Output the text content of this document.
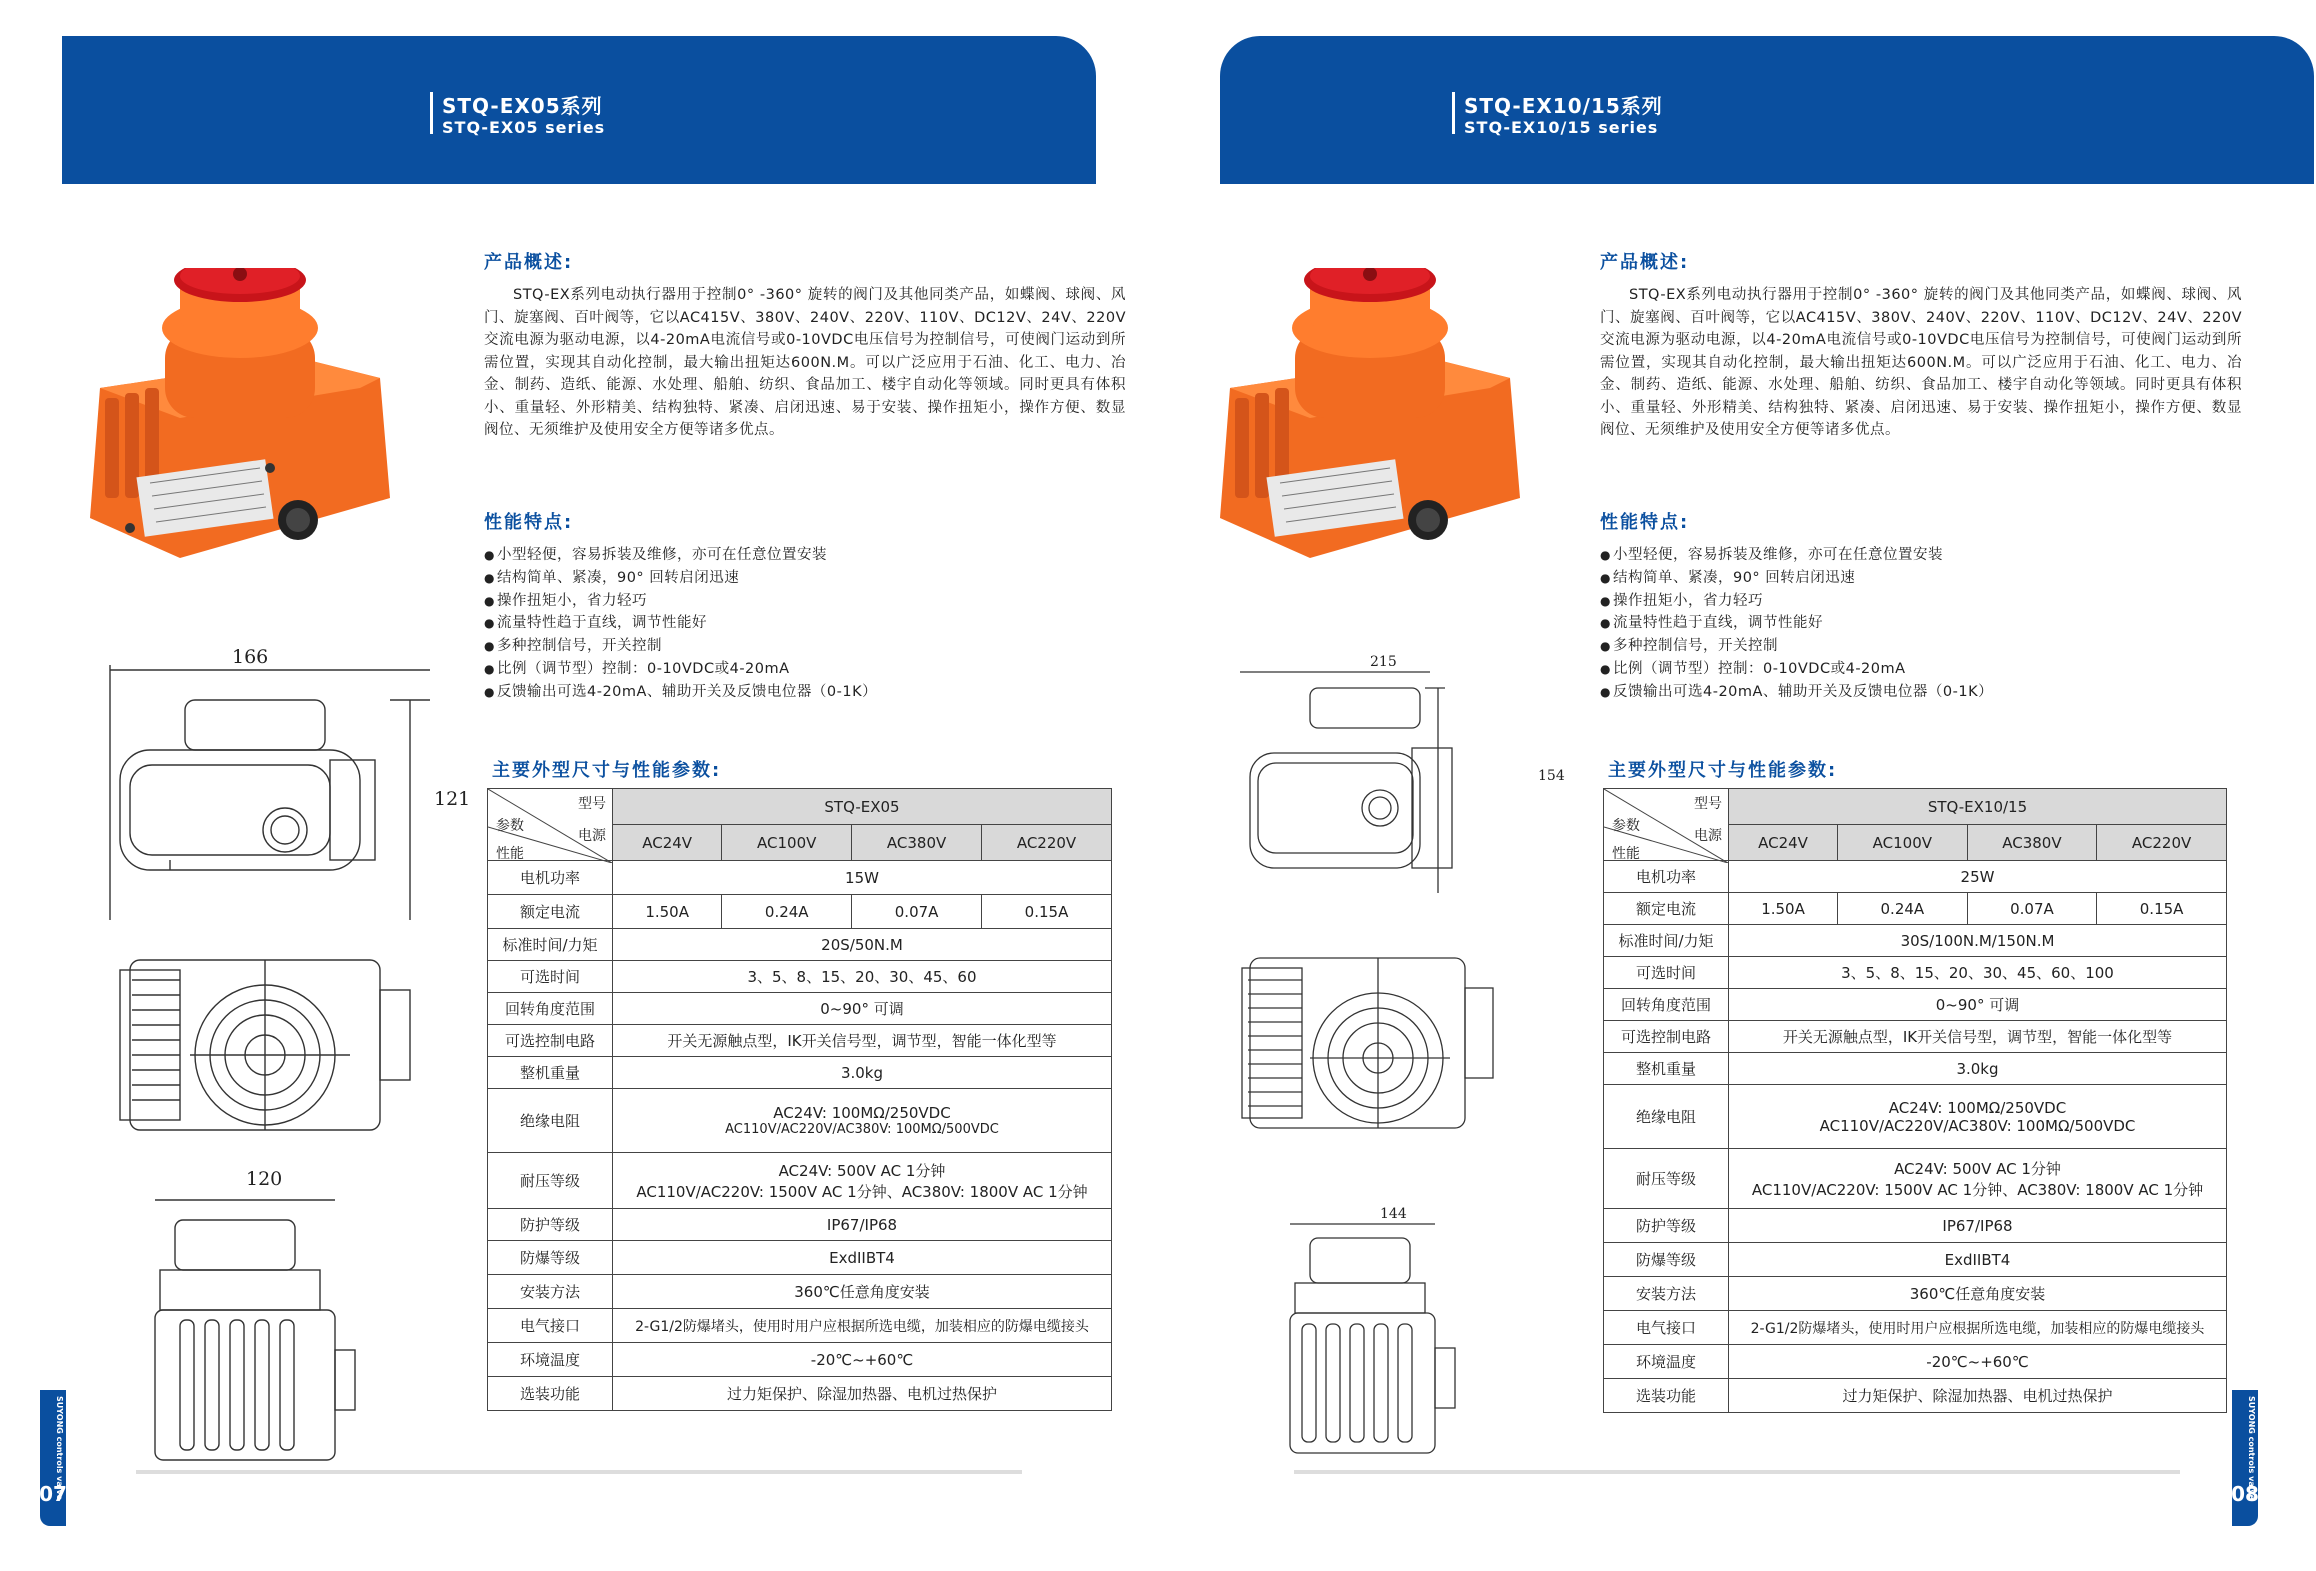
STQ-EX05系列
STQ-EX05 series
产品概述:
STQ-EX系列电动执行器用于控制0° -360° 旋转的阀门及其他同类产品，如蝶阀、球阀、风门、旋塞阀、百叶阀等，它以AC415V、380V、240V、220V、110V、DC12V、24V、220V交流电源为驱动电源，以4-20mA电流信号或0-10VDC电压信号为控制信号，可使阀门运动到所需位置，实现其自动化控制，最大输出扭矩达600N.M。可以广泛应用于石油、化工、电力、冶金、制药、造纸、能源、水处理、船舶、纺织、食品加工、楼宇自动化等领域。同时更具有体积小、重量轻、外形精美、结构独特、紧凑、启闭迅速、易于安装、操作扭矩小，操作方便、数显阀位、无须维护及使用安全方便等诸多优点。
性能特点:
● 小型轻便，容易拆装及维修，亦可在任意位置安装
● 结构简单、紧凑，90° 回转启闭迅速
● 操作扭矩小，省力轻巧
● 流量特性趋于直线，调节性能好
● 多种控制信号，开关控制
● 比例（调节型）控制：0-10VDC或4-20mA
● 反馈输出可选4-20mA、辅助开关及反馈电位器（0-1K）
166
121
120
主要外型尺寸与性能参数:
型号
参数
电源
性能	STQ-EX05			
	AC24V	AC100V	AC380V	AC220V
电机功率	15W			
额定电流	1.50A	0.24A	0.07A	0.15A
标准时间/力矩	20S/50N.M			
可选时间	3、5、8、15、20、30、45、60			
回转角度范围	0~90° 可调			
可选控制电路	开关无源触点型，IK开关信号型，调节型，智能一体化型等			
整机重量	3.0kg			
绝缘电阻	AC24V: 100MΩ/250VDC
AC110V/AC220V/AC380V: 100MΩ/500VDC			

耐压等级	AC24V: 500V AC 1分钟
AC110V/AC220V: 1500V AC 1分钟、AC380V: 1800V AC 1分钟			

防护等级	IP67/IP68			
防爆等级	ExdIIBT4			
安装方法	360℃任意角度安装			
电气接口	2-G1/2防爆堵头，使用时用户应根据所选电缆，加装相应的防爆电缆接头			
环境温度	-20℃~+60℃			
选装功能	过力矩保护、除湿加热器、电机过热保护			
SUYONG controls valve
07
STQ-EX10/15系列
STQ-EX10/15 series
产品概述:
STQ-EX系列电动执行器用于控制0° -360° 旋转的阀门及其他同类产品，如蝶阀、球阀、风门、旋塞阀、百叶阀等，它以AC415V、380V、240V、220V、110V、DC12V、24V、220V交流电源为驱动电源，以4-20mA电流信号或0-10VDC电压信号为控制信号，可使阀门运动到所需位置，实现其自动化控制，最大输出扭矩达600N.M。可以广泛应用于石油、化工、电力、冶金、制药、造纸、能源、水处理、船舶、纺织、食品加工、楼宇自动化等领域。同时更具有体积小、重量轻、外形精美、结构独特、紧凑、启闭迅速、易于安装、操作扭矩小，操作方便、数显阀位、无须维护及使用安全方便等诸多优点。
性能特点:
● 小型轻便，容易拆装及维修，亦可在任意位置安装
● 结构简单、紧凑，90° 回转启闭迅速
● 操作扭矩小，省力轻巧
● 流量特性趋于直线，调节性能好
● 多种控制信号，开关控制
● 比例（调节型）控制：0-10VDC或4-20mA
● 反馈输出可选4-20mA、辅助开关及反馈电位器（0-1K）
215
154
144
主要外型尺寸与性能参数:
型号
参数
电源
性能	STQ-EX10/15			
	AC24V	AC100V	AC380V	AC220V
电机功率	25W			
额定电流	1.50A	0.24A	0.07A	0.15A
标准时间/力矩	30S/100N.M/150N.M			
可选时间	3、5、8、15、20、30、45、60、100			
回转角度范围	0~90° 可调			
可选控制电路	开关无源触点型，IK开关信号型，调节型，智能一体化型等			
整机重量	3.0kg			
绝缘电阻	AC24V: 100MΩ/250VDC
AC110V/AC220V/AC380V: 100MΩ/500VDC			

耐压等级	AC24V: 500V AC 1分钟
AC110V/AC220V: 1500V AC 1分钟、AC380V: 1800V AC 1分钟			

防护等级	IP67/IP68			
防爆等级	ExdIIBT4			
安装方法	360℃任意角度安装			
电气接口	2-G1/2防爆堵头，使用时用户应根据所选电缆，加装相应的防爆电缆接头			
环境温度	-20℃~+60℃			
选装功能	过力矩保护、除湿加热器、电机过热保护				SUYONG controls valve
08
